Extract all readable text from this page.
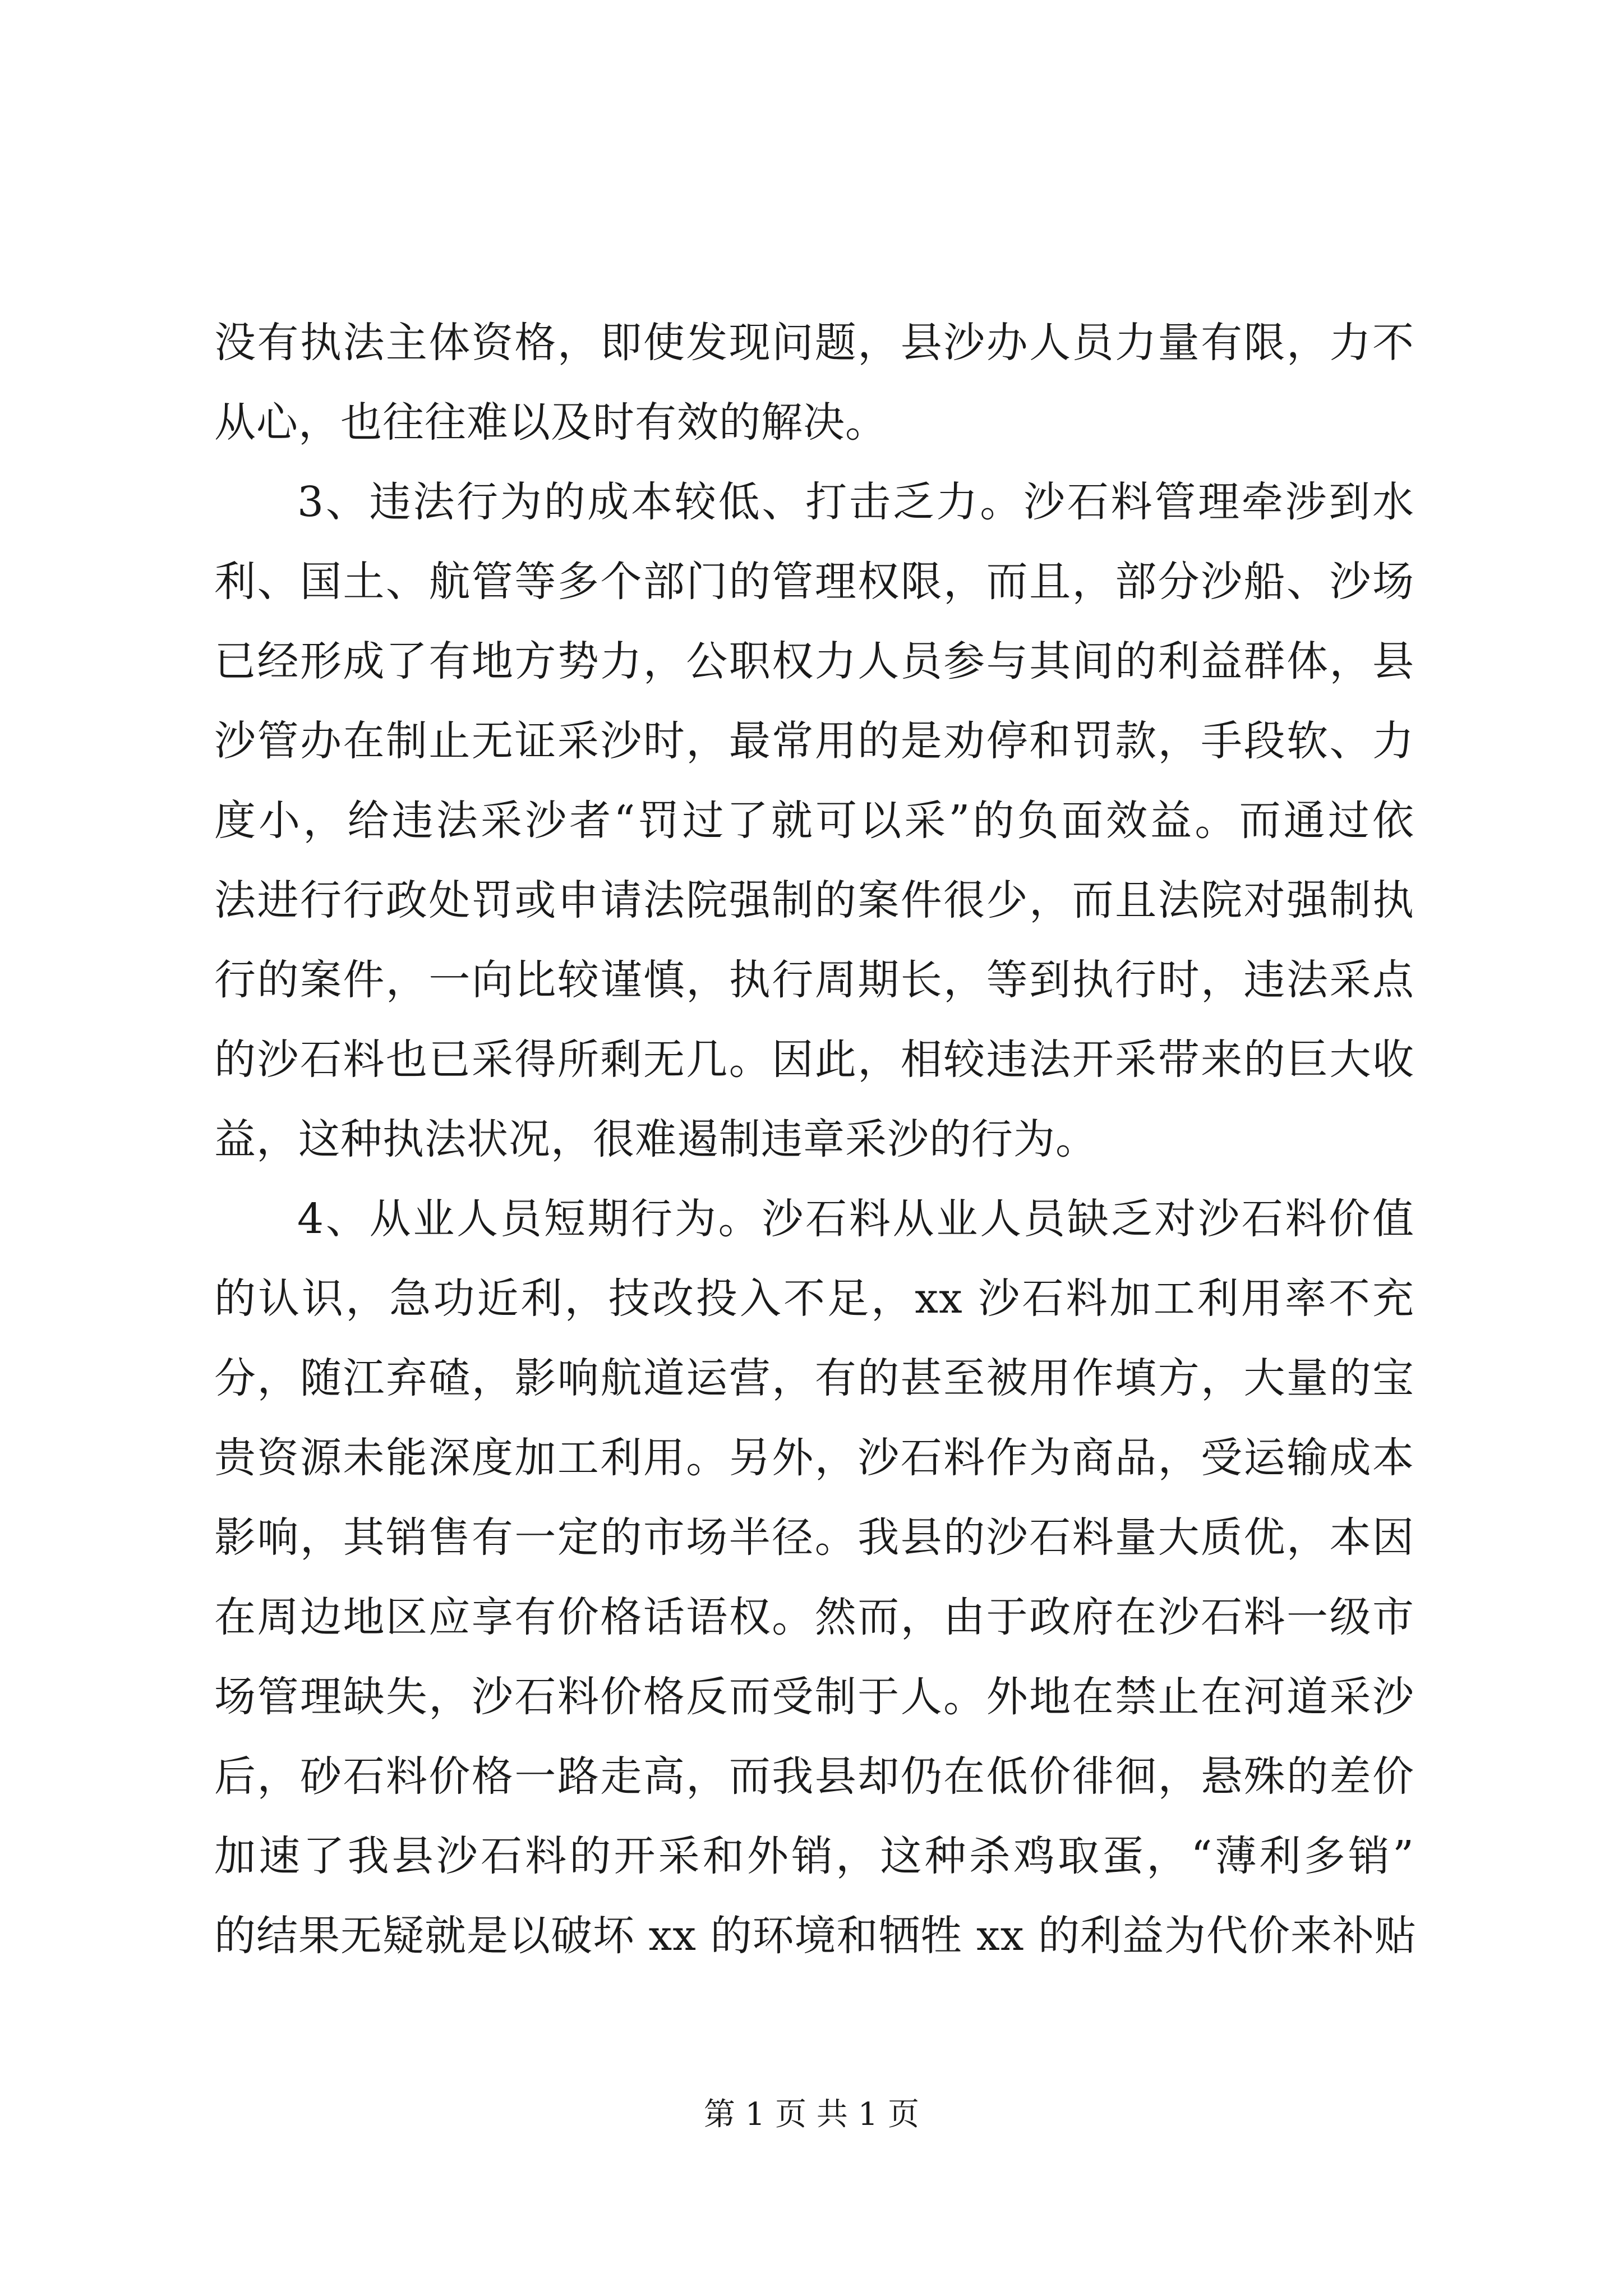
没有执法主体资格，即使发现问题，县沙办人员力量有限，力不
从心，也往往难以及时有效的解决。
3、违法行为的成本较低、打击乏力。沙石料管理牵涉到水
利、国土、航管等多个部门的管理权限，而且，部分沙船、沙场
已经形成了有地方势力，公职权力人员参与其间的利益群体，县
沙管办在制止无证采沙时，最常用的是劝停和罚款，手段软、力
度小，给违法采沙者“罚过了就可以采”的负面效益。而通过依
法进行行政处罚或申请法院强制的案件很少，而且法院对强制执
行的案件，一向比较谨慎，执行周期长，等到执行时，违法采点
的沙石料也已采得所剩无几。因此，相较违法开采带来的巨大收
益，这种执法状况，很难遏制违章采沙的行为。
4、从业人员短期行为。沙石料从业人员缺乏对沙石料价值
的认识，急功近利，技改投入不足，xx 沙石料加工利用率不充
分，随江弃碴，影响航道运营，有的甚至被用作填方，大量的宝
贵资源未能深度加工利用。另外，沙石料作为商品，受运输成本
影响，其销售有一定的市场半径。我县的沙石料量大质优，本因
在周边地区应享有价格话语权。然而，由于政府在沙石料一级市
场管理缺失，沙石料价格反而受制于人。外地在禁止在河道采沙
后，砂石料价格一路走高，而我县却仍在低价徘徊，悬殊的差价
加速了我县沙石料的开采和外销，这种杀鸡取蛋，“薄利多销”
的结果无疑就是以破坏 xx 的环境和牺牲 xx 的利益为代价来补贴
第 1 页 共 1 页
